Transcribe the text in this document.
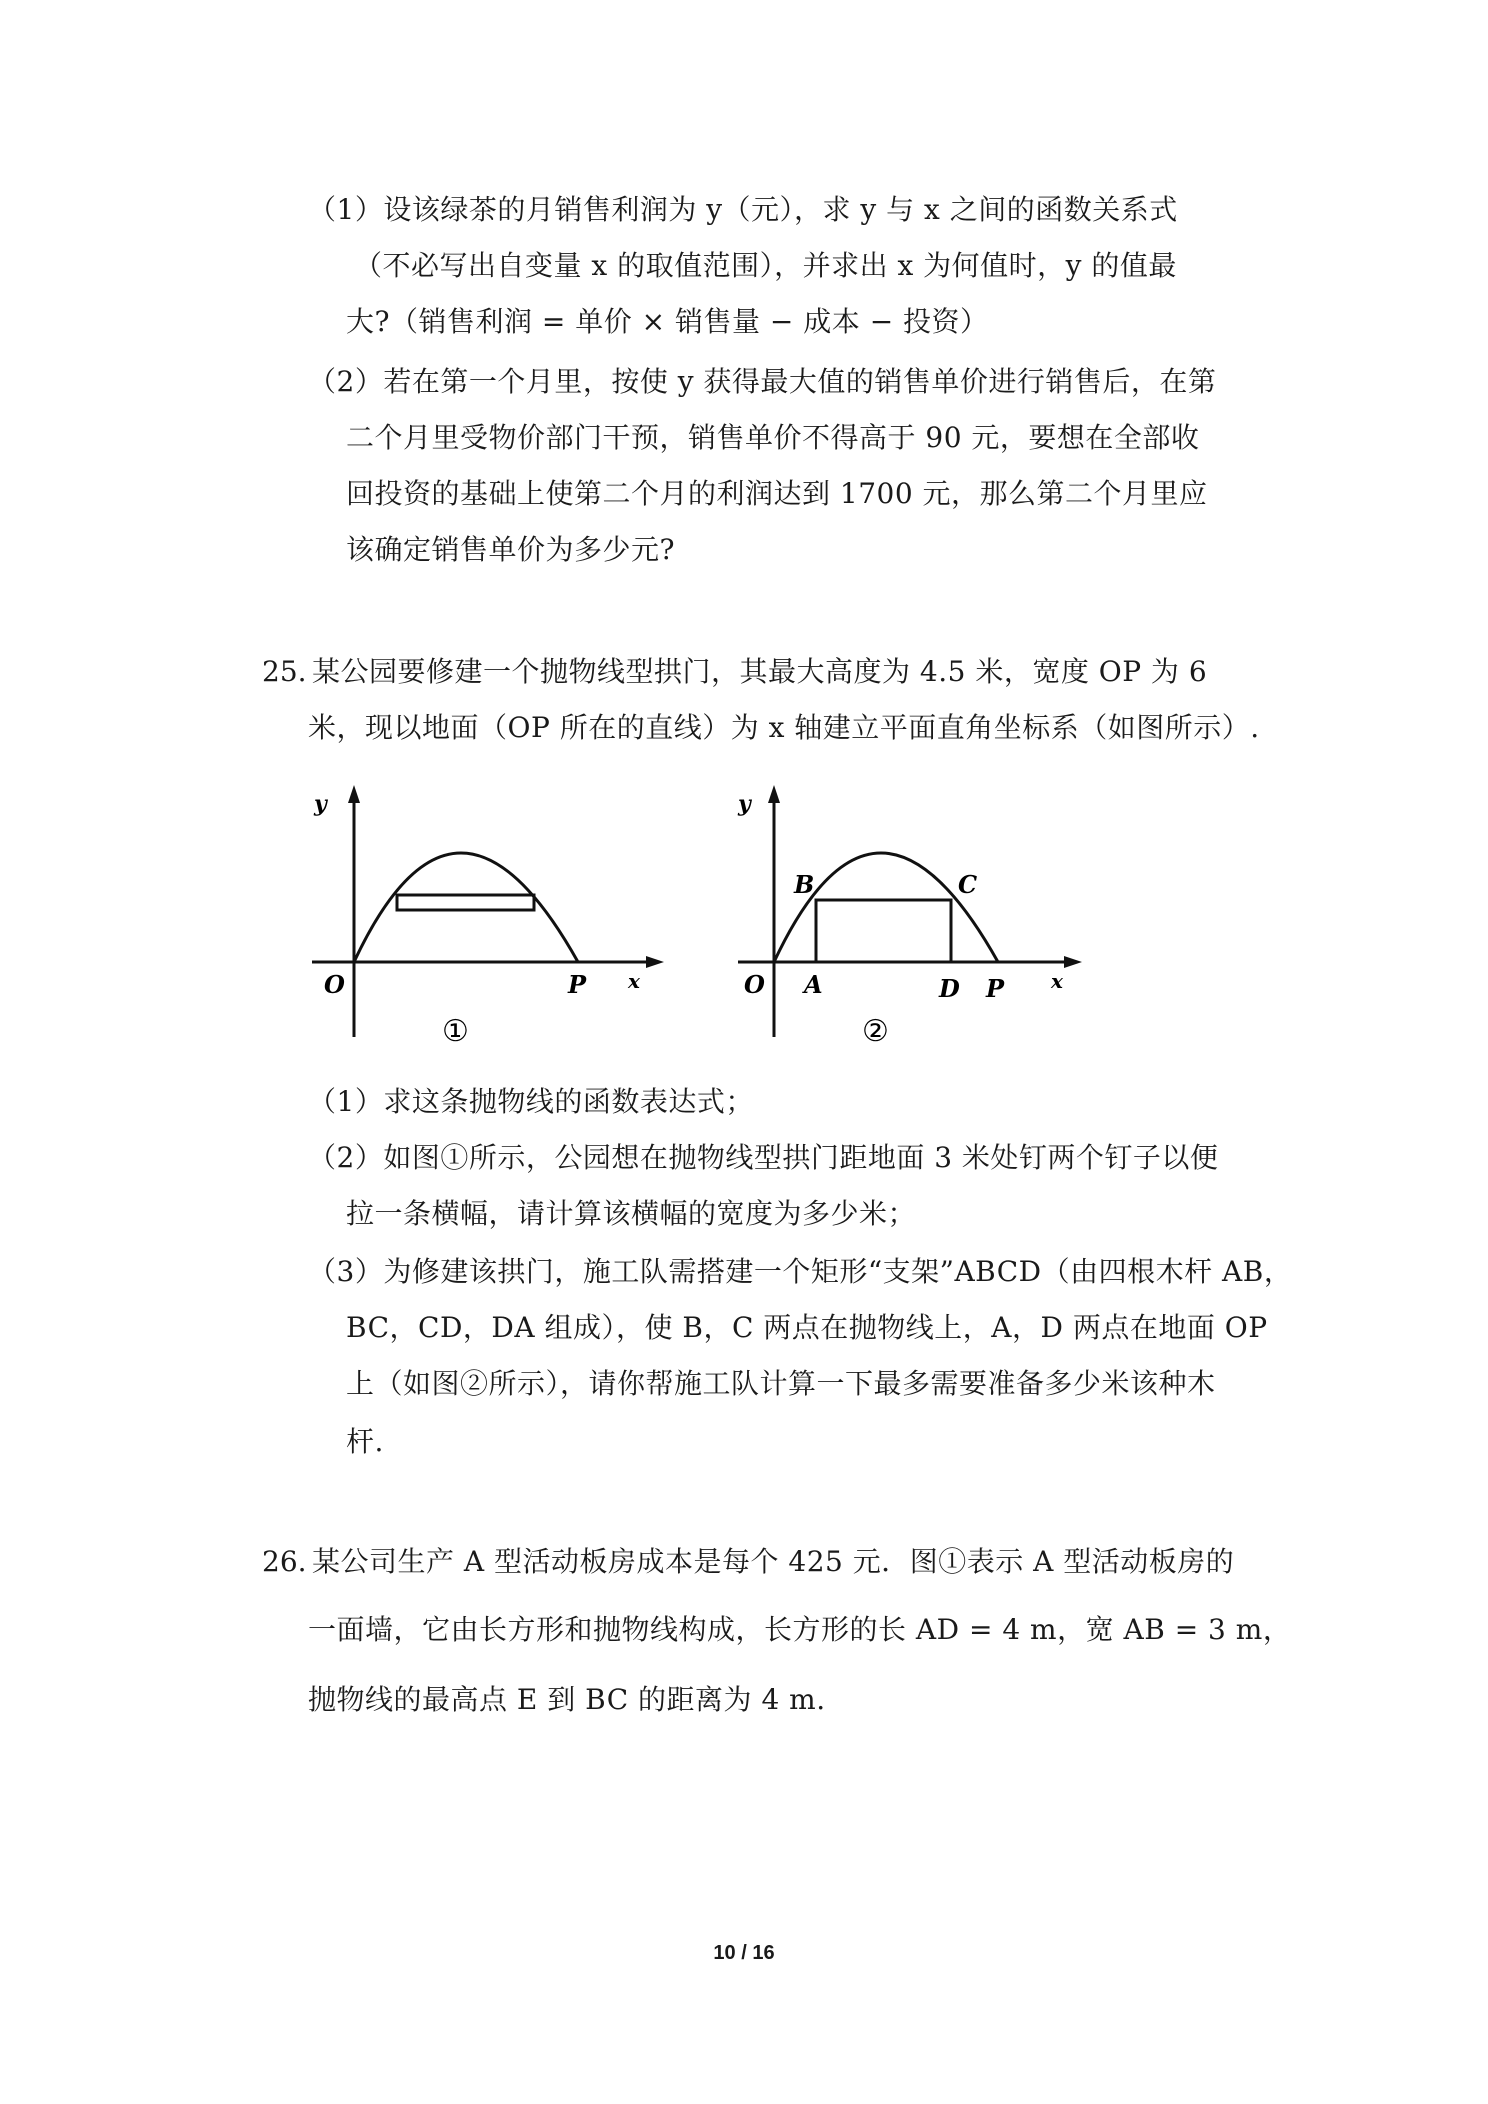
（1）设该绿茶的月销售利润为 y（元），求 y 与 x 之间的函数关系式
（不必写出自变量 x 的取值范围），并求出 x 为何值时，y 的值最
大?（销售利润 = 单价 × 销售量 − 成本 − 投资）
（2）若在第一个月里，按使 y 获得最大值的销售单价进行销售后，在第
二个月里受物价部门干预，销售单价不得高于 90 元，要想在全部收
回投资的基础上使第二个月的利润达到 1700 元，那么第二个月里应
该确定销售单价为多少元?
25. 某公园要修建一个抛物线型拱门，其最大高度为 4.5 米，宽度 OP 为 6
米，现以地面（OP 所在的直线）为 x 轴建立平面直角坐标系（如图所示）.
y
O	P x
①
y
B	C
O A	D P x
②
（1）求这条抛物线的函数表达式；
（2）如图①所示，公园想在抛物线型拱门距地面 3 米处钉两个钉子以便
拉一条横幅，请计算该横幅的宽度为多少米；
（3）为修建该拱门，施工队需搭建一个矩形“支架”ABCD（由四根木杆 AB，
BC，CD，DA 组成），使 B，C 两点在抛物线上，A，D 两点在地面 OP
上（如图②所示），请你帮施工队计算一下最多需要准备多少米该种木
杆.
26. 某公司生产 A 型活动板房成本是每个 425 元．图①表示 A 型活动板房的
一面墙，它由长方形和抛物线构成，长方形的长 AD = 4 m，宽 AB = 3 m，
抛物线的最高点 E 到 BC 的距离为 4 m.
10 / 16
